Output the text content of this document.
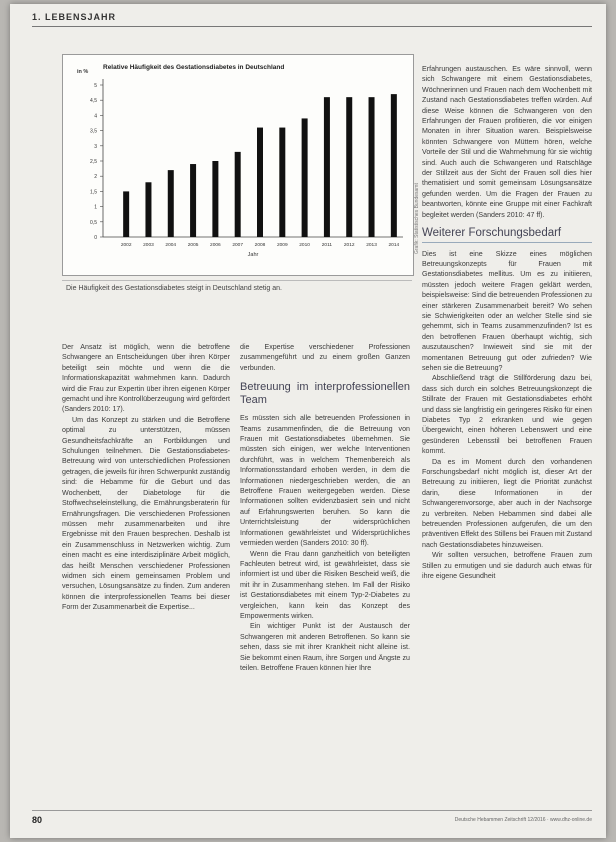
1. LEBENSJAHR
Relative Häufigkeit des Gestationsdiabetes in Deutschland
in %
0
0,5
1
1,5
2
2,5
3
3,5
4
4,5
5
2002 2003 2004 2005 2006 2007 2008 2009 2010 2011 2012 2013 2014
Jahr
Grafik: Statistisches Bundesamt
Die Häufigkeit des Gestationsdiabetes steigt in Deutschland stetig an.

Der Ansatz ist möglich, wenn die betroffene Schwangere an Entscheidungen über ihren Körper beteiligt sein möchte und wenn die die Informationskapazität wahrnehmen kann. Dadurch wird die Frau zur Expertin über ihren eigenen Körper gemacht und ihre Kontrollüberzeugung wird gefördert (Sanders 2010: 17).

Um das Konzept zu stärken und die Betroffene optimal zu unterstützen, müssen Gesundheitsfachkräfte an Fortbildungen und Schulungen teilnehmen. Die Gestationsdiabetes-Betreuung wird von unterschiedlichen Professionen getragen, die jeweils für ihren Schwerpunkt zuständig sind: die Hebamme für die Geburt und das Wochenbett, der Diabetologe für die Stoffwechseleinstellung, die Ernährungsberaterin für Ernährungsfragen. Die verschiedenen Professionen müssen mehr zusammenarbeiten und ihre Ergebnisse mit den Frauen besprechen. Deshalb ist ein Zusammenschluss in Netzwerken wichtig. Zum einen macht es eine interdisziplinäre Arbeit möglich, das heißt Menschen verschiedener Professionen widmen sich einem gemeinsamen Problem und versuchen, Lösungsansätze zu finden. Zum anderen können die interprofessionellen Teams bei dieser Form der Zusammenarbeit die Expertise...

die Expertise verschiedener Professionen zusammengeführt und zu einem großen Ganzen verbunden.

Betreuung im interprofessionellen Team

Es müssten sich alle betreuenden Professionen in Teams zusammenfinden, die die Betreuung von Frauen mit Gestationsdiabetes übernehmen. Sie müssten sich einigen, wer welche Interventionen durchführt, was in welchem Themenbereich als Informationsstandard erhoben werden, in dem die Informationen niedergeschrieben werden, die an Betroffene Frauen weitergegeben werden. Diese Informationen sollten evidenzbasiert sein und nicht auf Erfahrungswerten beruhen. So kann die Unterrichtsleistung der widersprüchlichen Informationen gewährleistet und Widersprüchliches vermieden werden (Sanders 2010: 30 ff).

Wenn die Frau dann ganzheitlich von beteiligten Fachleuten betreut wird, ist gewährleistet, dass sie informiert ist und über die Risiken Bescheid weiß, die mit ihr in Zusammenhang stehen. Im Fall der Risiko ist Gestationsdiabetes mit einem Typ-2-Diabetes zu vergleichen, kann kein das Konzept des Empowerments wirken.

Ein wichtiger Punkt ist der Austausch der Schwangeren mit anderen Betroffenen. So kann sie sehen, dass sie mit ihrer Krankheit nicht alleine ist. Sie bekommt einen Raum, ihre Sorgen und Ängste zu teilen. Betroffene Frauen können hier Ihre

Erfahrungen austauschen. Es wäre sinnvoll, wenn sich Schwangere mit einem Gestationsdiabetes, Wöchnerinnen und Frauen nach dem Wochenbett mit Zustand nach Gestationsdiabetes treffen würden. Auf diese Weise können die Schwangeren von den Erfahrungen der Frauen profitieren, die vor einigen Monaten in ihrer Situation waren. Beispielsweise könnten Schwangere von Müttern hören, welche Vorteile der Stil und die Wahrnehmung für sie wichtig sind. Auch auch die Schwangeren und Ratschläge der Stillzeit aus der Sicht der Frauen soll dies hier thematisiert und somit gemeinsam Lösungsansätze gefunden werden. Um die Fragen der Frauen zu beantworten, könnte eine Gruppe mit einer Fachkraft begleitet werden (Sanders 2010: 47 ff).

Weiterer Forschungsbedarf

Dies ist eine Skizze eines möglichen Betreuungskonzepts für Frauen mit Gestationsdiabetes mellitus. Um es zu initiieren, müssten jedoch weitere Fragen geklärt werden, beispielsweise: Sind die betreuenden Professionen zu einer stärkeren Zusammenarbeit bereit? Wo sehen sie Schwierigkeiten oder an welcher Stelle sind sie gehemmt, sich in Teams zusammenzufinden? Ist es den betroffenen Frauen überhaupt wichtig, sich auszutauschen? Inwieweit sind sie mit der momentanen Betreuung gut oder zufrieden? Wie sehen sie die Betreuung?

Abschließend trägt die Stillförderung dazu bei, dass sich durch ein solches Betreuungskonzept die Stillrate der Frauen mit Gestationsdiabetes erhöht und dass sie langfristig ein geringeres Risiko für einen Diabetes Typ 2 erkranken und wie gegen Übergewicht, einen höheren Lebenswert und eine gesünderen Lebensstil bei betroffenen Frauen kommt.

Da es im Moment durch den vorhandenen Forschungsbedarf nicht möglich ist, dieser Art der Betreuung zu initiieren, liegt die Priorität zunächst darin, diese Informationen in der Schwangerenvorsorge, aber auch in der Nachsorge zu verbreiten. Neben Hebammen sind dabei alle betreuenden Professionen aufgerufen, die um den präventiven Effekt des Stillens bei Frauen mit Zustand nach Gestationsdiabetes hinzuweisen.

Wir sollten versuchen, betroffene Frauen zum Stillen zu ermutigen und sie dadurch auch etwas für ihre eigene Gesundheit

80	Deutsche Hebammen Zeitschrift 12/2016 · www.dhz-online.de
